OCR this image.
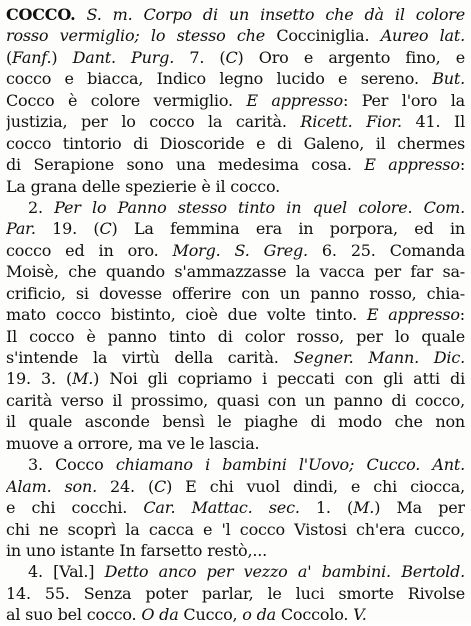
COCCO. S. m. Corpo di un insetto che dà il colore
rosso vermiglio; lo stesso che Cocciniglia. Aureo lat.
(Fanf.) Dant. Purg. 7. (C) Oro e argento fino, e
cocco e biacca, Indico legno lucido e sereno. But.
Cocco è colore vermiglio. E appresso: Per l'oro la
justizia, per lo cocco la carità. Ricett. Fior. 41. Il
cocco tintorio di Dioscoride e di Galeno, il chermes
di Serapione sono una medesima cosa. E appresso:
La grana delle spezierie è il cocco.
2. Per lo Panno stesso tinto in quel colore. Com.
Par. 19. (C) La femmina era in porpora, ed in
cocco ed in oro. Morg. S. Greg. 6. 25. Comanda
Moisè, che quando s'ammazzasse la vacca per far sa-
crificio, si dovesse offerire con un panno rosso, chia-
mato cocco bistinto, cioè due volte tinto. E appresso:
Il cocco è panno tinto di color rosso, per lo quale
s'intende la virtù della carità. Segner. Mann. Dic.
19. 3. (M.) Noi gli copriamo i peccati con gli atti di
carità verso il prossimo, quasi con un panno di cocco,
il quale asconde bensì le piaghe di modo che non
muove a orrore, ma ve le lascia.
3. Cocco chiamano i bambini l'Uovo; Cucco. Ant.
Alam. son. 24. (C) E chi vuol dindi, e chi ciocca,
e chi cocchi. Car. Mattac. sec. 1. (M.) Ma per
chi ne scoprì la cacca e 'l cocco Vistosi ch'era cucco,
in uno istante In farsetto restò,...
4. [Val.] Detto anco per vezzo a' bambini. Bertold.
14. 55. Senza poter parlar, le luci smorte Rivolse
al suo bel cocco. O da Cucco, o da Coccolo. V.
